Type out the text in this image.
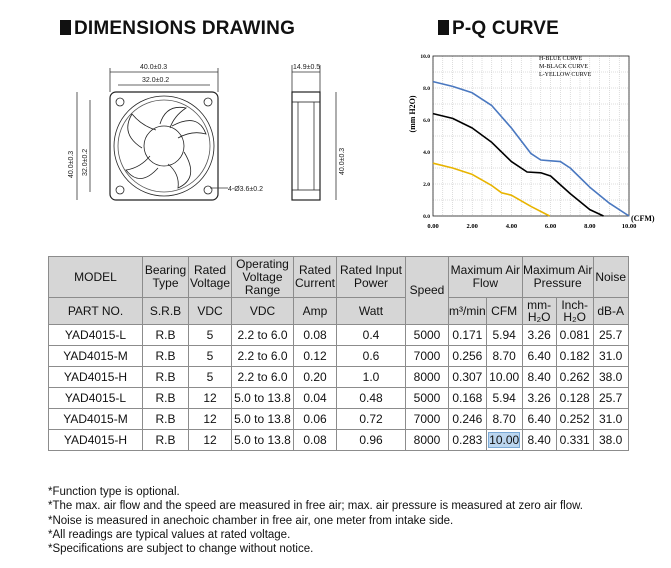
DIMENSIONS DRAWING	P-Q CURVE
40.0±0.3
32.0±0.2
40.0±0.3 32.0±0.2
4-Ø3.6±0.2
14.9±0.5
40.0±0.3
0.00	2.00	4.00	6.00	8.00	10.00
0.0
2.0
4.0
6.0
8.0
10.0
(mm H2O)
(CFM)
H-BLUE CURVE
M-BLACK CURVE
L-YELLOW CURVE
MODEL	Bearing Type	Rated Voltage	Operating Voltage Range	Rated Current	Rated Input Power	Speed	Maximum Air Flow		Maximum Air Pressure		Noise
PART NO.	S.R.B	VDC	VDC	Amp	Watt		m³/min	CFM	mm-H₂O	Inch-H₂O	dB-A
YAD4015-L	R.B	5	2.2 to 6.0	0.08	0.4	5000	0.171	5.94	3.26	0.081	25.7
YAD4015-M	R.B	5	2.2 to 6.0	0.12	0.6	7000	0.256	8.70	6.40	0.182	31.0
YAD4015-H	R.B	5	2.2 to 6.0	0.20	1.0	8000	0.307	10.00	8.40	0.262	38.0
YAD4015-L	R.B	12	5.0 to 13.8	0.04	0.48	5000	0.168	5.94	3.26	0.128	25.7
YAD4015-M	R.B	12	5.0 to 13.8	0.06	0.72	7000	0.246	8.70	6.40	0.252	31.0
YAD4015-H	R.B	12	5.0 to 13.8	0.08	0.96	8000	0.283	10.00	8.40	0.331	38.0
*Function type is optional.
*The max. air flow and the speed are measured in free air; max. air pressure is measured at zero air flow.
*Noise is measured in anechoic chamber in free air, one meter from intake side.
*All readings are typical values at rated voltage.
*Specifications are subject to change without notice.
